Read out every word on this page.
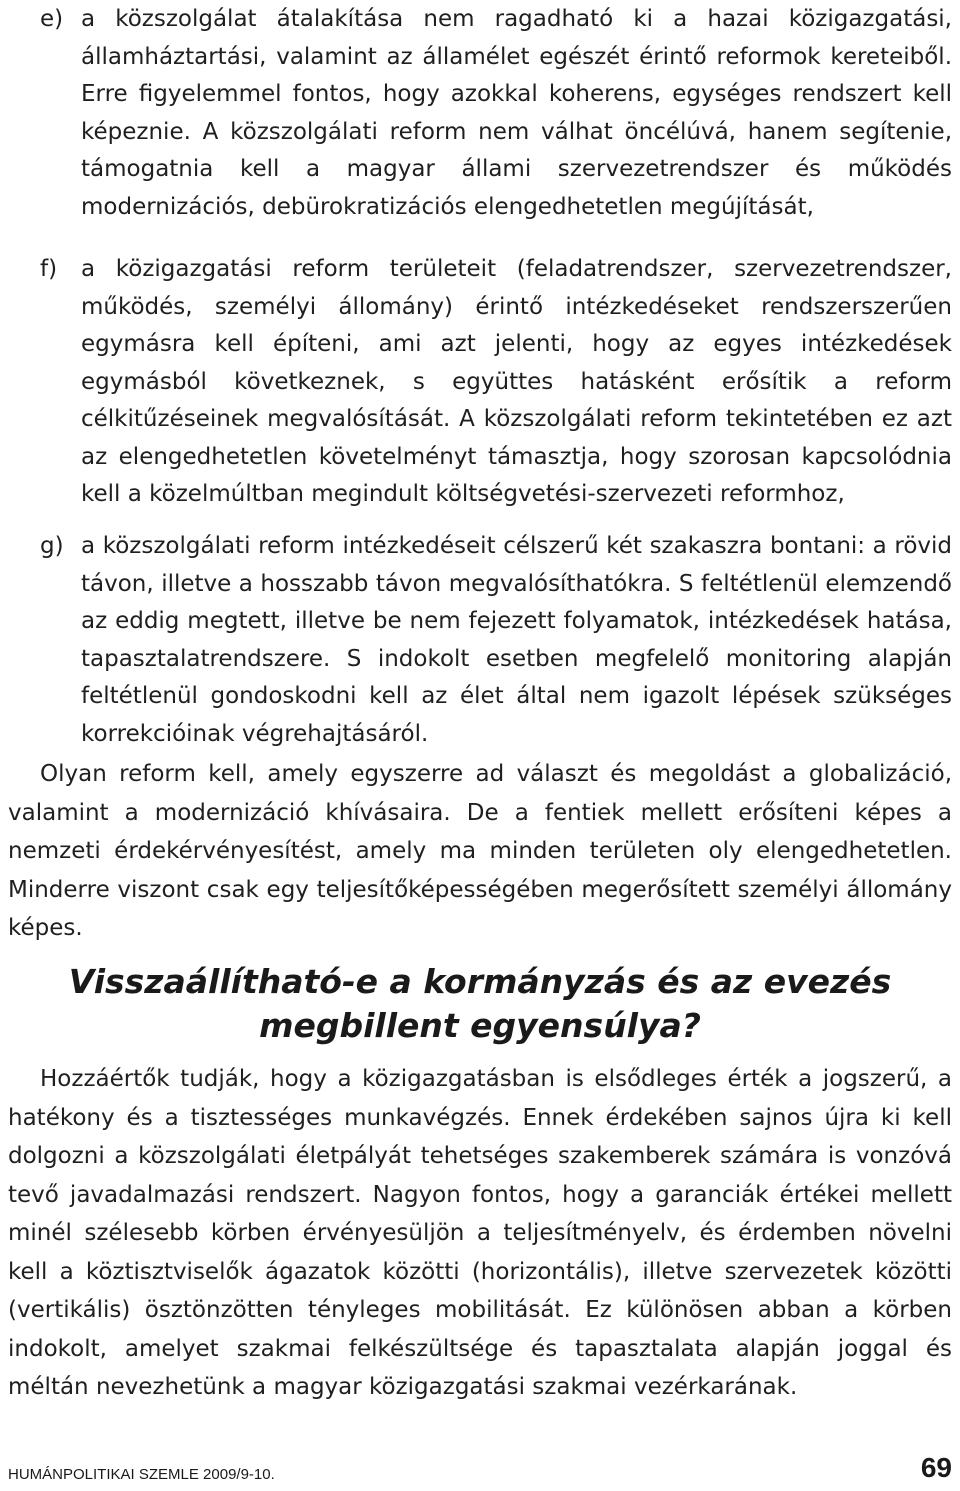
e) a közszolgálat átalakítása nem ragadható ki a hazai közigazgatási, államháztartási, valamint az államélet egészét érintő reformok kereteiből. Erre figyelemmel fontos, hogy azokkal koherens, egységes rendszert kell képeznie. A közszolgálati reform nem válhat öncélúvá, hanem segítenie, támogatnia kell a magyar állami szervezetrendszer és működés modernizációs, debürokratizációs elengedhetetlen megújítását,
f) a közigazgatási reform területeit (feladatrendszer, szervezetrendszer, működés, személyi állomány) érintő intézkedéseket rendszerszerűen egymásra kell építeni, ami azt jelenti, hogy az egyes intézkedések egymásból következnek, s együttes hatásként erősítik a reform célkitűzéseinek megvalósítását. A közszolgálati reform tekintetében ez azt az elengedhetetlen követelményt támasztja, hogy szorosan kapcsolódnia kell a közelmúltban megindult költségvetési-szervezeti reformhoz,
g) a közszolgálati reform intézkedéseit célszerű két szakaszra bontani: a rövid távon, illetve a hosszabb távon megvalósíthatókra. S feltétlenül elemzendő az eddig megtett, illetve be nem fejezett folyamatok, intézkedések hatása, tapasztalatrendszere. S indokolt esetben megfelelő monitoring alapján feltétlenül gondoskodni kell az élet által nem igazolt lépések szükséges korrekcióinak végrehajtásáról.

Olyan reform kell, amely egyszerre ad választ és megoldást a globalizáció, valamint a modernizáció khívásaira. De a fentiek mellett erősíteni képes a nemzeti érdekérvényesítést, amely ma minden területen oly elengedhetetlen. Minderre viszont csak egy teljesítőképességében megerősített személyi állomány képes.

Visszaállítható-e a kormányzás és az evezés megbillent egyensúlya?

Hozzáértők tudják, hogy a közigazgatásban is elsődleges érték a jogszerű, a hatékony és a tisztességes munkavégzés. Ennek érdekében sajnos újra ki kell dolgozni a közszolgálati életpályát tehetséges szakemberek számára is vonzóvá tevő javadalmazási rendszert. Nagyon fontos, hogy a garanciák értékei mellett minél szélesebb körben érvényesüljön a teljesítményelv, és érdemben növelni kell a köztisztviselők ágazatok közötti (horizontális), illetve szervezetek közötti (vertikális) ösztönzötten tényleges mobilitását. Ez különösen abban a körben indokolt, amelyet szakmai felkészültsége és tapasztalata alapján joggal és méltán nevezhetünk a magyar közigazgatási szakmai vezérkarának.

HUMÁNPOLITIKAI SZEMLE 2009/9-10.	69
